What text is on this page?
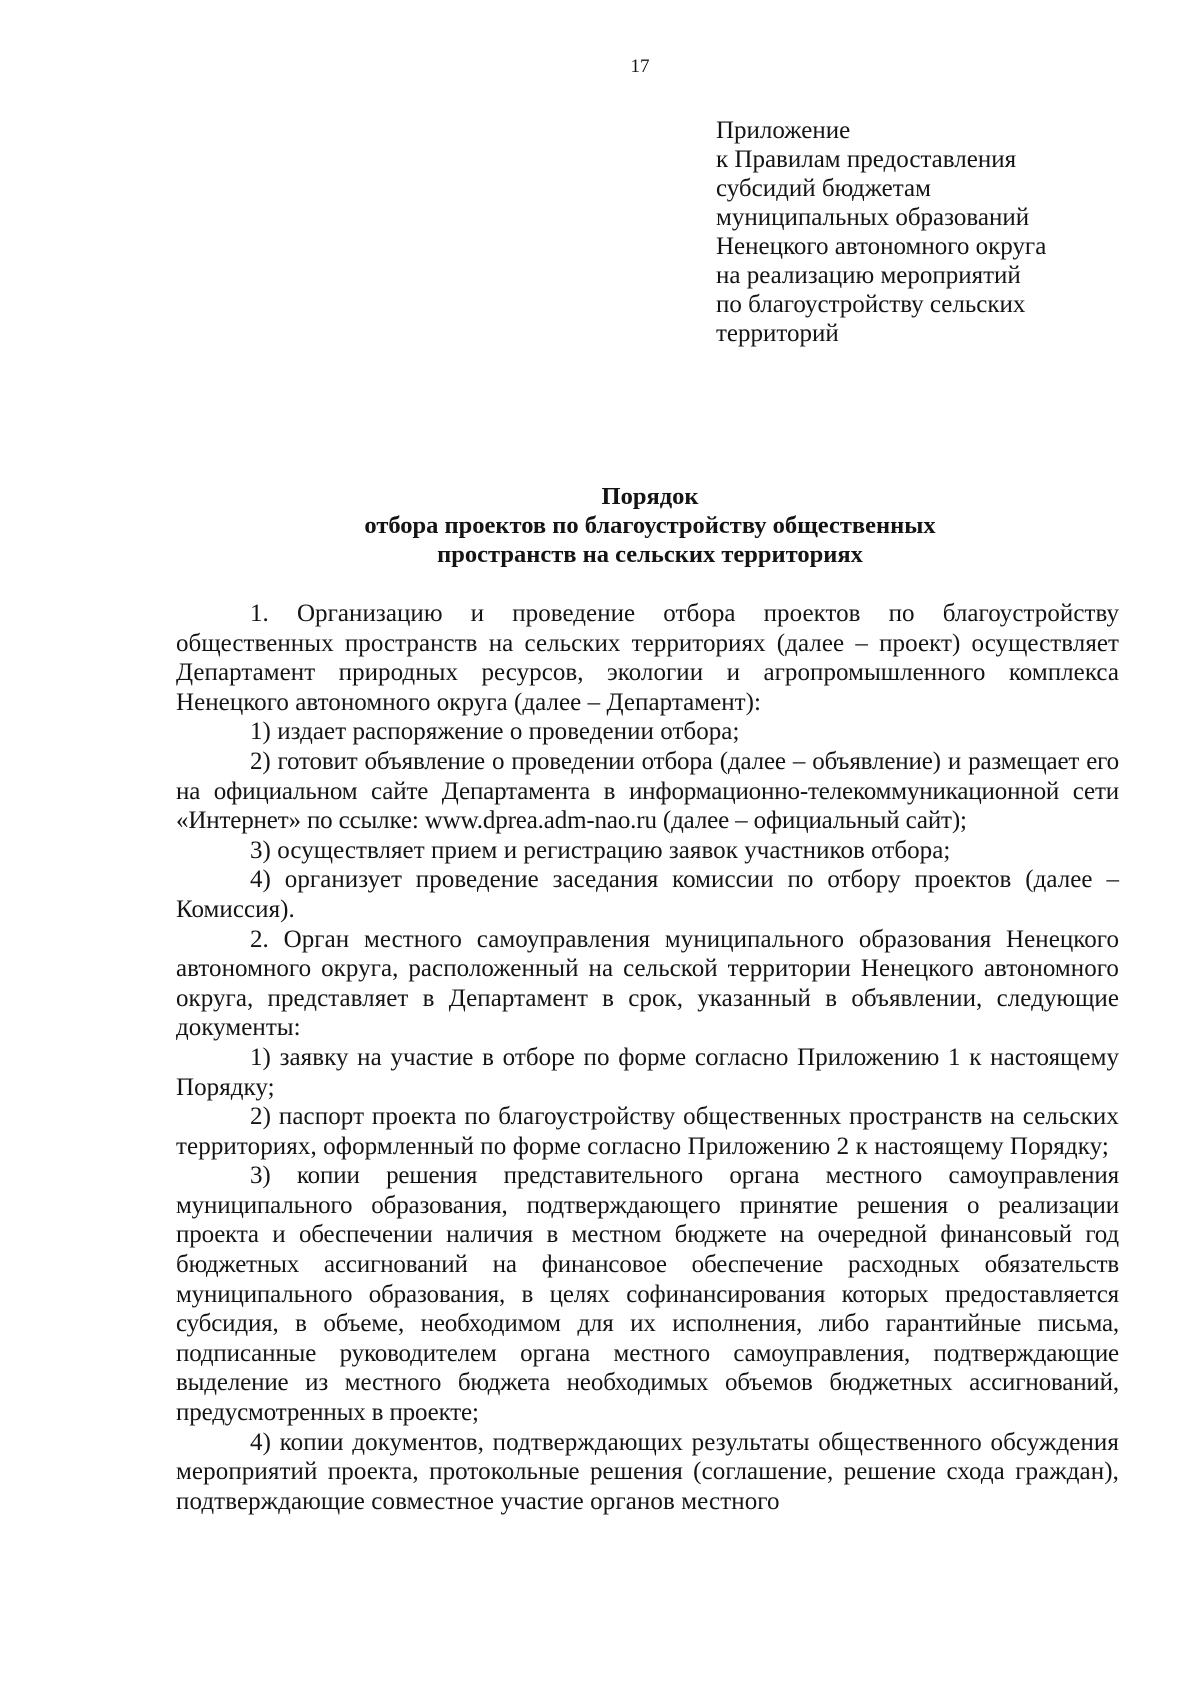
17
Приложение
к Правилам предоставления
субсидий бюджетам
муниципальных образований
Ненецкого автономного округа
на реализацию мероприятий
по благоустройству сельских
территорий
Порядок
отбора проектов по благоустройству общественных
пространств на сельских территориях

1. Организацию и проведение отбора проектов по благоустройству общественных пространств на сельских территориях (далее – проект) осуществляет Департамент природных ресурсов, экологии и агропромышленного комплекса Ненецкого автономного округа (далее – Департамент):

1) издает распоряжение о проведении отбора;

2) готовит объявление о проведении отбора (далее – объявление) и размещает его на официальном сайте Департамента в информационно-телекоммуникационной сети «Интернет» по ссылке: www.dprea.adm-nao.ru (далее – официальный сайт);

3) осуществляет прием и регистрацию заявок участников отбора;

4) организует проведение заседания комиссии по отбору проектов (далее – Комиссия).

2. Орган местного самоуправления муниципального образования Ненецкого автономного округа, расположенный на сельской территории Ненецкого автономного округа, представляет в Департамент в срок, указанный в объявлении, следующие документы:

1) заявку на участие в отборе по форме согласно Приложению 1 к настоящему Порядку;

2) паспорт проекта по благоустройству общественных пространств на сельских территориях, оформленный по форме согласно Приложению 2 к настоящему Порядку;

3) копии решения представительного органа местного самоуправления муниципального образования, подтверждающего принятие решения о реализации проекта и обеспечении наличия в местном бюджете на очередной финансовый год бюджетных ассигнований на финансовое обеспечение расходных обязательств муниципального образования, в целях софинансирования которых предоставляется субсидия, в объеме, необходимом для их исполнения, либо гарантийные письма, подписанные руководителем органа местного самоуправления, подтверждающие выделение из местного бюджета необходимых объемов бюджетных ассигнований, предусмотренных в проекте;

4) копии документов, подтверждающих результаты общественного обсуждения мероприятий проекта, протокольные решения (соглашение, решение схода граждан), подтверждающие совместное участие органов местного
